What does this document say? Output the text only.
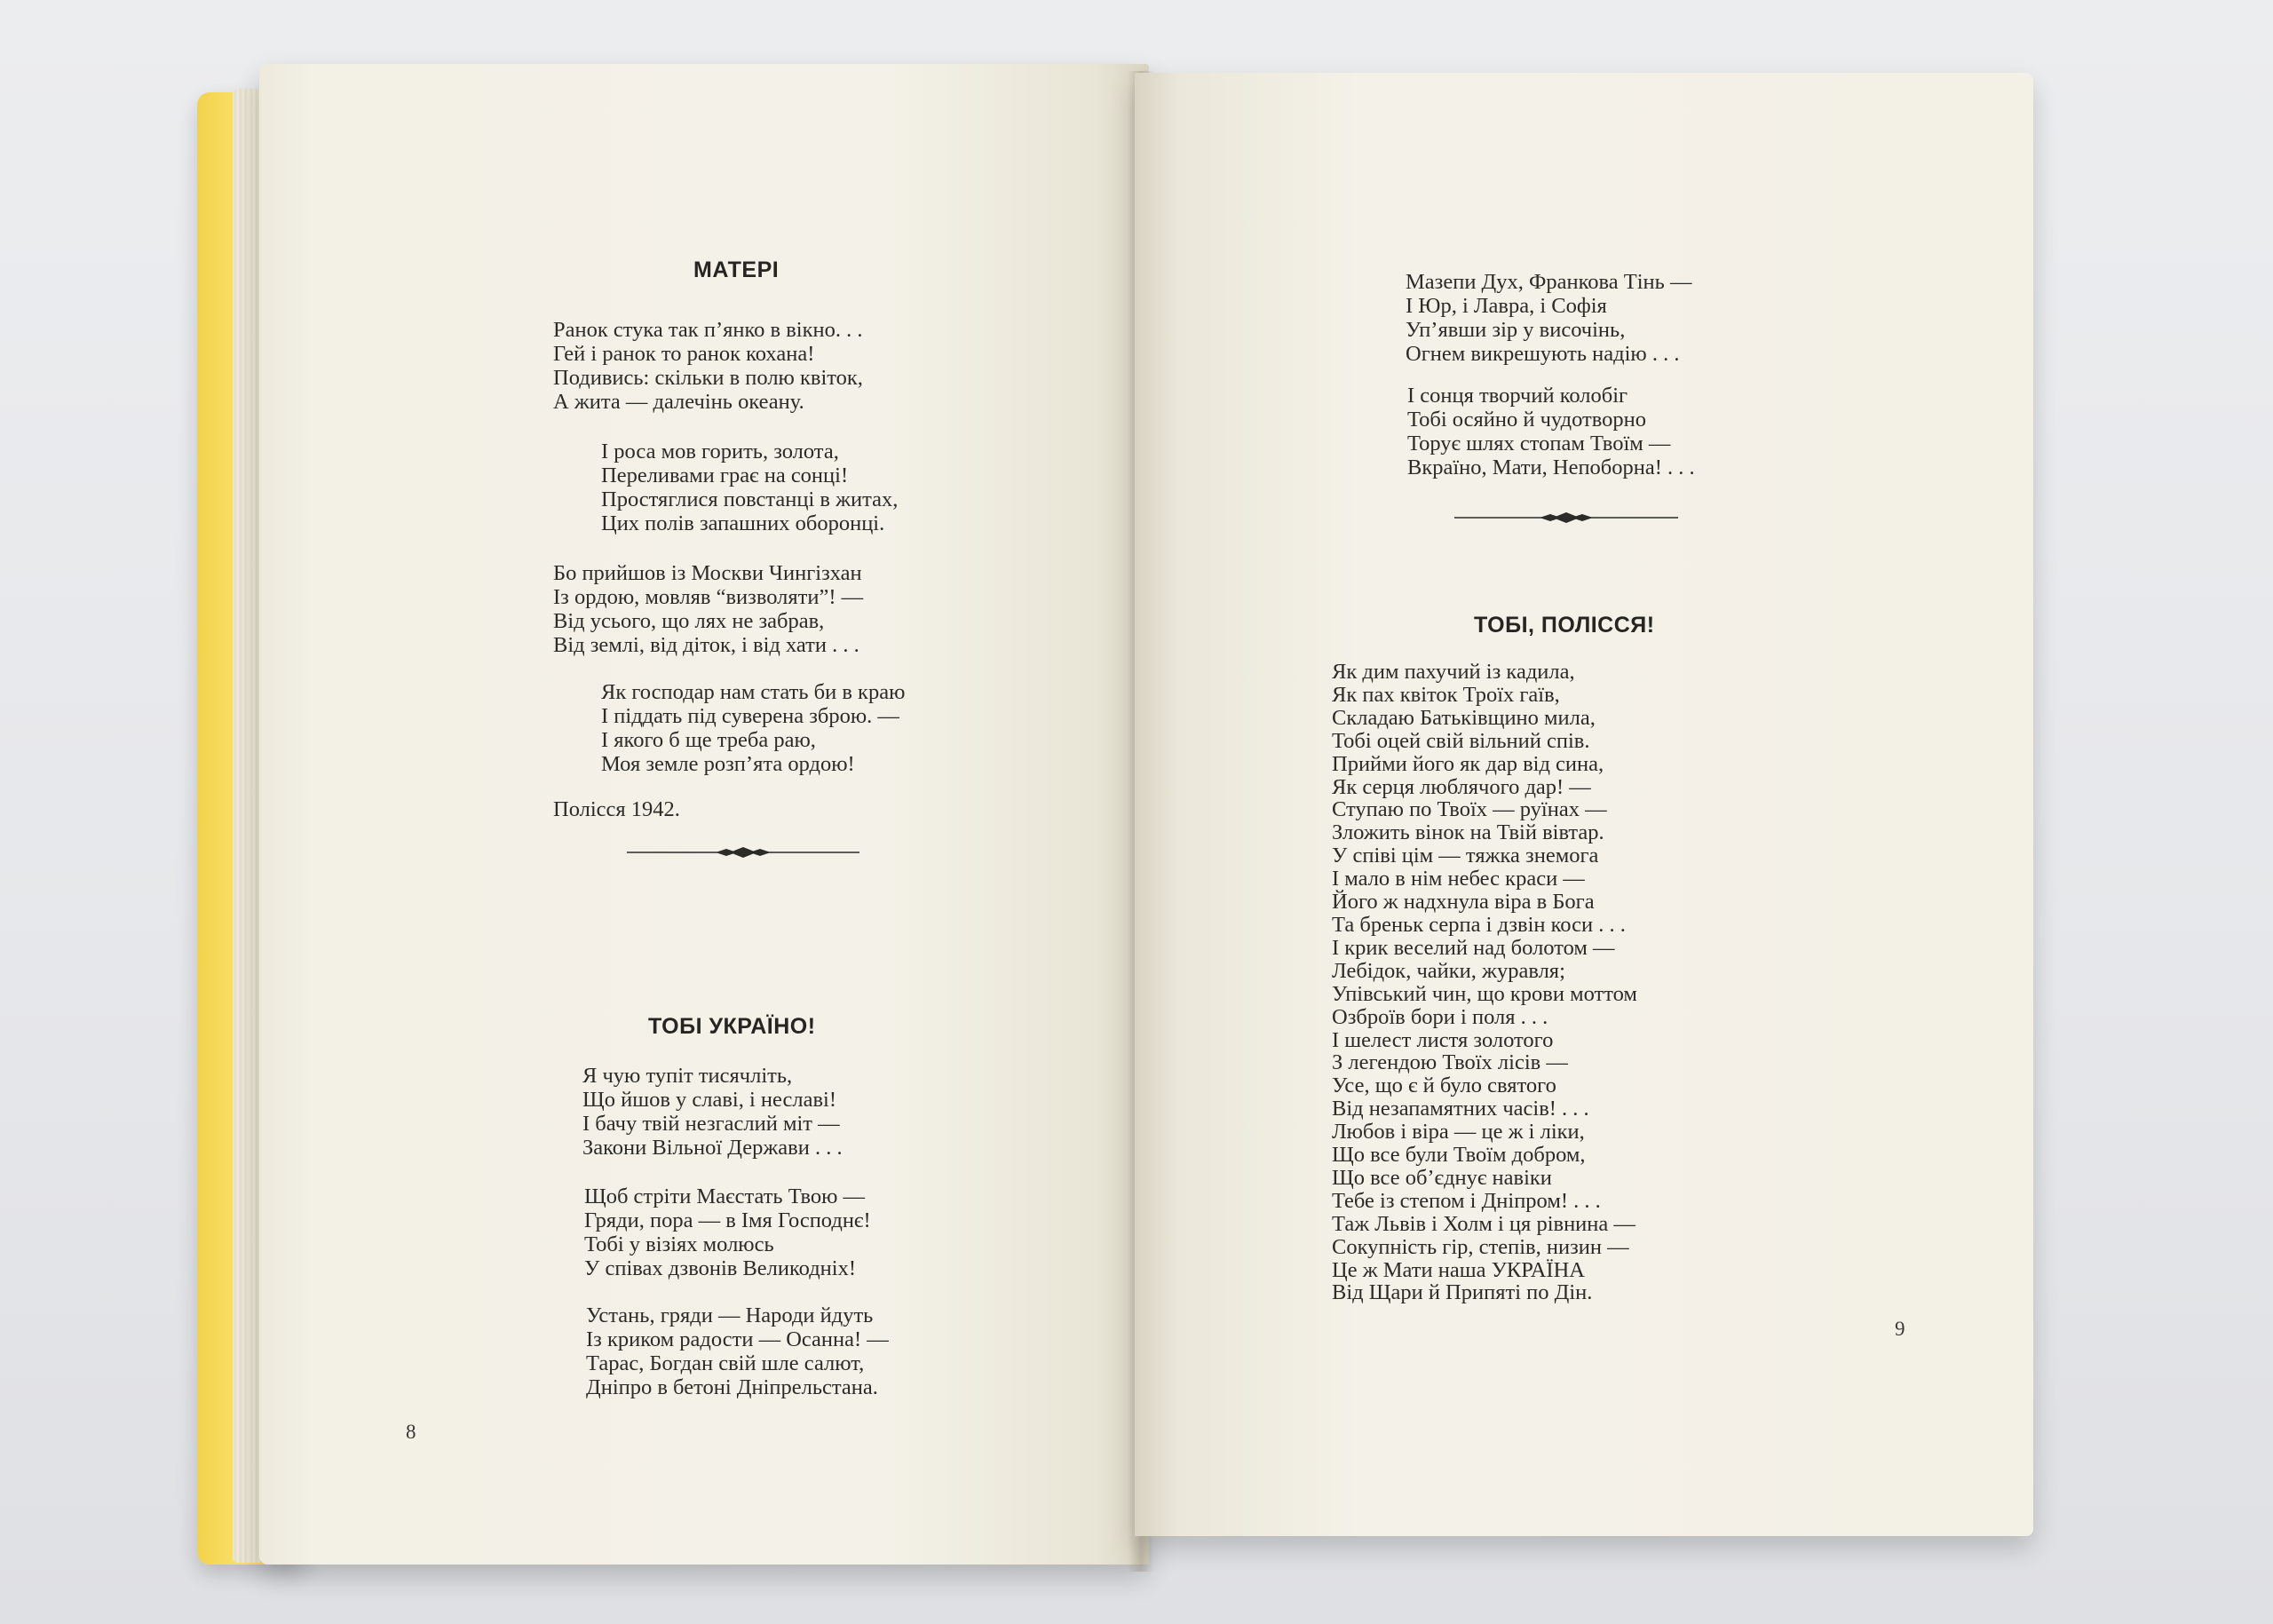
МАТЕРІ
Ранок стука так п’янко в вікно. . .
Гей і ранок то ранок кохана!
Подивись: скільки в полю квіток,
А жита — далечінь океану.
І роса мов горить, золота,
Переливами грає на сонці!
Простяглися повстанці в житах,
Цих полів запашних оборонці.
Бо прийшов із Москви Чингізхан
Із ордою, мовляв “визволяти”! —
Від усього, що лях не забрав,
Від землі, від діток, і від хати . . .
Як господар нам стать би в краю
І піддать під суверена зброю. —
І якого б ще треба раю,
Моя земле розп’ята ордою!

Полісся 1942.

ТОБІ УКРАЇНО!
Я чую тупіт тисячліть,
Що йшов у славі, і неславі!
І бачу твій незгаслий міт —
Закони Вільної Держави . . .
Щоб стріти Маєстать Твою —
Гряди, пора — в Імя Господнє!
Тобі у візіях молюсь
У співах дзвонів Великодніх!
Устань, гряди — Народи йдуть
Із криком радости — Осанна! —
Тарас, Богдан свій шле салют,
Дніпро в бетоні Дніпрельстана.
8
Мазепи Дух, Франкова Тінь —
І Юр, і Лавра, і Софія
Уп’явши зір у височінь,
Огнем викрешують надію . . .
І сонця творчий колобіг
Тобі осяйно й чудотворно
Торує шлях стопам Твоїм —
Вкраїно, Мати, Непоборна! . . .
ТОБІ, ПОЛІССЯ!
Як дим пахучий із кадила,
Як пах квіток Троїх гаїв,
Складаю Батьківщино мила,
Тобі оцей свій вільний спів.
Прийми його як дар від сина,
Як серця люблячого дар! —
Ступаю по Твоїх — руїнах —
Зложить вінок на Твій вівтар.
У співі цім — тяжка знемога
І мало в нім небес краси —
Його ж надхнула віра в Бога
Та бреньк серпа і дзвін коси . . .
І крик веселий над болотом —
Лебідок, чайки, журавля;
Упівський чин, що крови моттом
Озброїв бори і поля . . .
І шелест листя золотого
З легендою Твоїх лісів —
Усе, що є й було святого
Від незапамятних часів! . . .
Любов і віра — це ж і ліки,
Що все були Твоїм добром,
Що все об’єднує навіки
Тебе із степом і Дніпром! . . .
Таж Львів і Холм і ця рівнина —
Сокупність гір, степів, низин —
Це ж Мати наша УКРАЇНА
Від Щари й Припяті по Дін.
9
